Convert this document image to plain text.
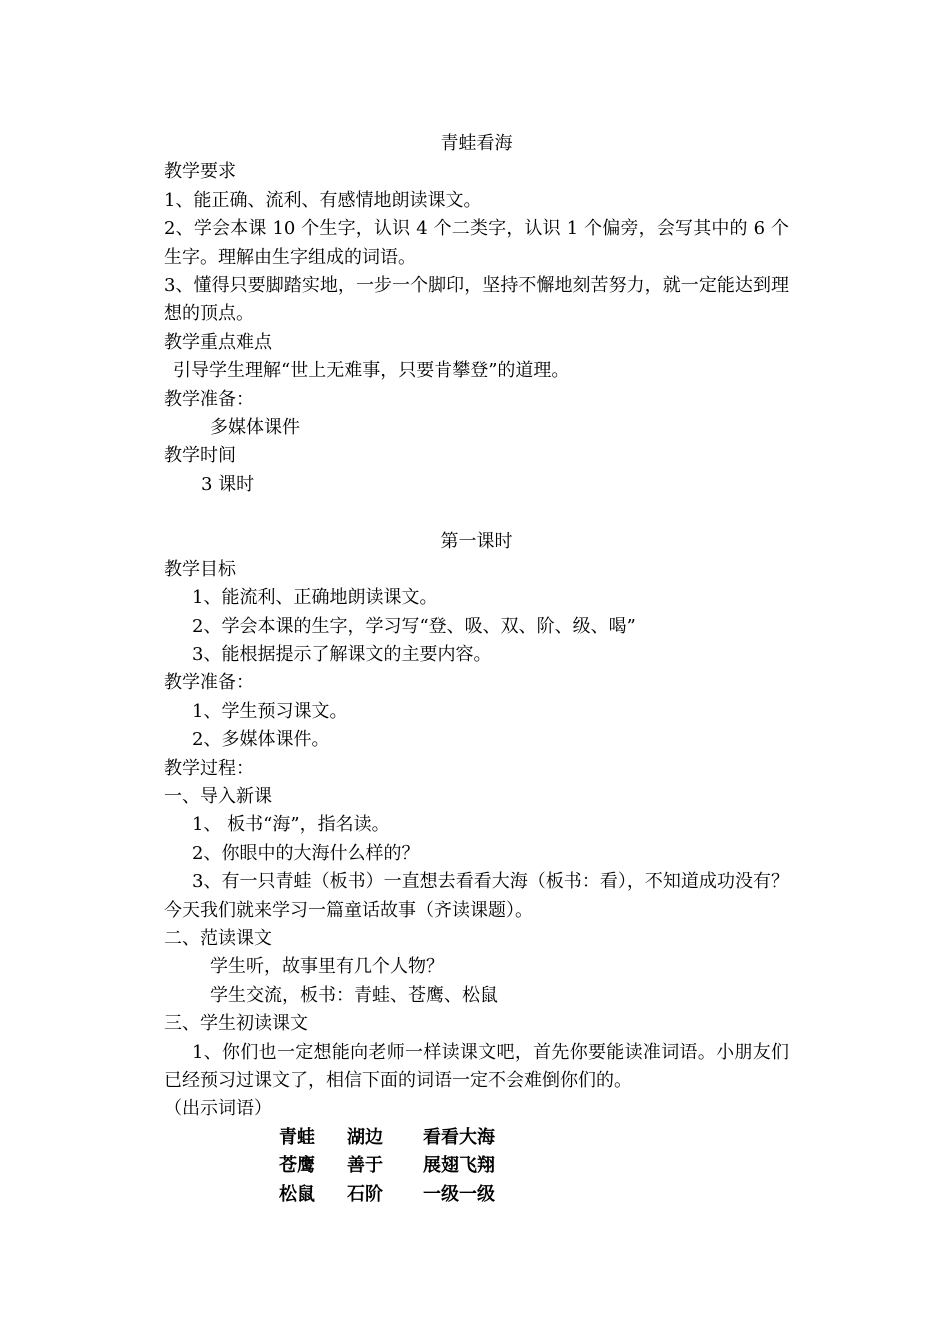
青蛙看海
教学要求
1、能正确、流利、有感情地朗读课文。
2、学会本课 10 个生字，认识 4 个二类字，认识 1 个偏旁，会写其中的 6 个生字。理解由生字组成的词语。
3、懂得只要脚踏实地，一步一个脚印，坚持不懈地刻苦努力，就一定能达到理想的顶点。
教学重点难点
引导学生理解“世上无难事，只要肯攀登”的道理。
教学准备：
多媒体课件
教学时间
3 课时
第一课时
教学目标
1、能流利、正确地朗读课文。
2、学会本课的生字，学习写“登、吸、双、阶、级、喝”
3、能根据提示了解课文的主要内容。
教学准备：
1、学生预习课文。
2、多媒体课件。
教学过程：
一、导入新课
1、 板书“海”，指名读。
2、你眼中的大海什么样的？
3、有一只青蛙（板书）一直想去看看大海（板书：看），不知道成功没有？今天我们就来学习一篇童话故事（齐读课题）。
二、范读课文
学生听，故事里有几个人物？
学生交流，板书：青蛙、苍鹰、松鼠
三、学生初读课文
1、你们也一定想能向老师一样读课文吧，首先你要能读准词语。小朋友们已经预习过课文了，相信下面的词语一定不会难倒你们的。
（出示词语）
青蛙	湖边	看看大海
苍鹰	善于	展翅飞翔
松鼠	石阶	一级一级
